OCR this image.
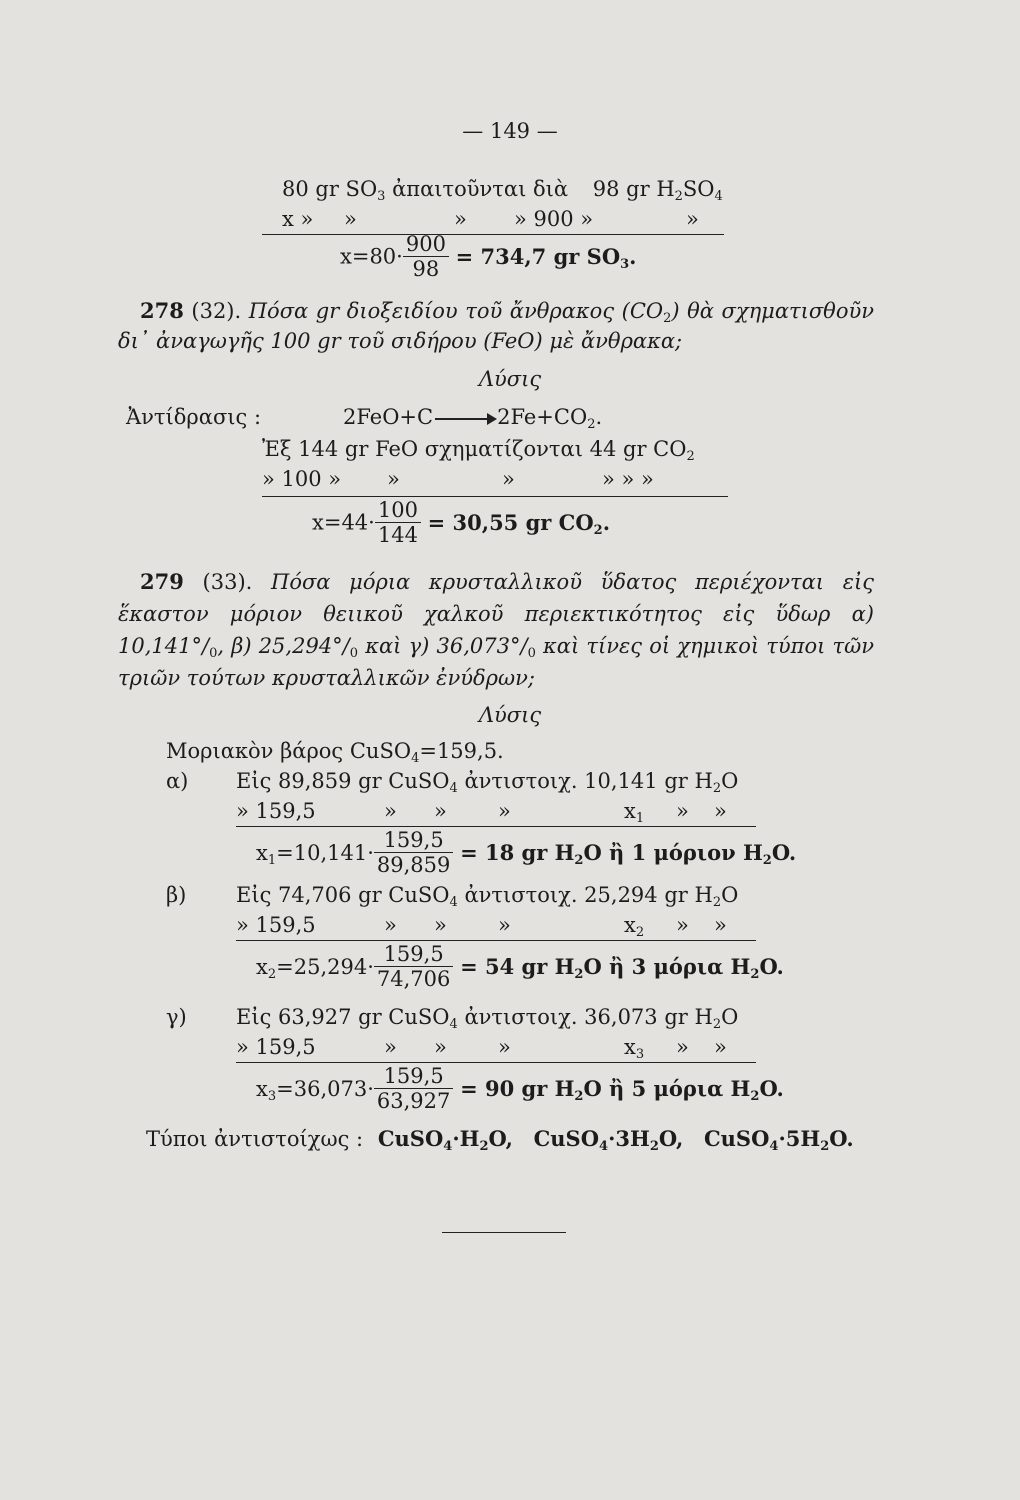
— 149 —
80 gr $SO_3$ ἀπαιτοῦνται διὰ 98 gr $H_2SO_4$
x » »	» » 900 »	»
$x=80\cdot \frac{900}{98} = 734,7$ gr $SO_3$.
278 (32). Πόσα gr διοξειδίου τοῦ ἄνθρακος $(CO_2)$ θὰ σχηματισθοῦν δι᾽ ἀναγωγῆς 100 gr τοῦ σιδήρου (FeO) μὲ ἄνθρακα;
Λύσις
Ἀντίδρασις :	2FeO+C	$2Fe+CO_2$.
Ἐξ 144 gr FeO σχηματίζονται 44 gr $CO_2$
» 100 » »	»	» » »
$x=44\cdot \frac{100}{144} = 30,55$ gr $CO_2$.
279 (33). Πόσα μόρια κρυσταλλικοῦ ὕδατος περιέχονται εἰς ἕκαστον μόριον θειικοῦ χαλκοῦ περιεκτικότητος εἰς ὕδωρ α) $10,141^\circ/_0$, β) $25,294^\circ/_0$ καὶ γ) $36,073^\circ/_0$ καὶ τίνες οἱ χημικοὶ τύποι τῶν τριῶν τούτων κρυσταλλικῶν ἐνύδρων;
Λύσις
Μοριακὸν βάρος CuSO$_4$=159,5.
α) Εἰς 89,859 gr CuSO$_4$ ἀντιστοιχ. 10,141 gr $H_2O$
» 159,5	» » »	$x_1$ » »
$x_1=10,141\cdot \frac{159,5}{89,859} = 18$ gr $H_2O$ ἢ 1 μόριον $H_2O$.
β) Εἰς 74,706 gr CuSO$_4$ ἀντιστοιχ. 25,294 gr $H_2O$
» 159,5	» » »	$x_2$ » »
$x_2=25,294\cdot \frac{159,5}{74,706} = 54$ gr $H_2O$ ἢ 3 μόρια $H_2O$.
γ) Εἰς 63,927 gr CuSO$_4$ ἀντιστοιχ. 36,073 gr $H_2O$
» 159,5	» » »	$x_3$ » »
$x_3=36,073\cdot \frac{159,5}{63,927} = 90$ gr $H_2O$ ἢ 5 μόρια $H_2O$.
Τύποι ἀντιστοίχως : $CuSO_4\cdot H_2O$, $CuSO_4\cdot 3H_2O$, $CuSO_4\cdot 5H_2O$.
